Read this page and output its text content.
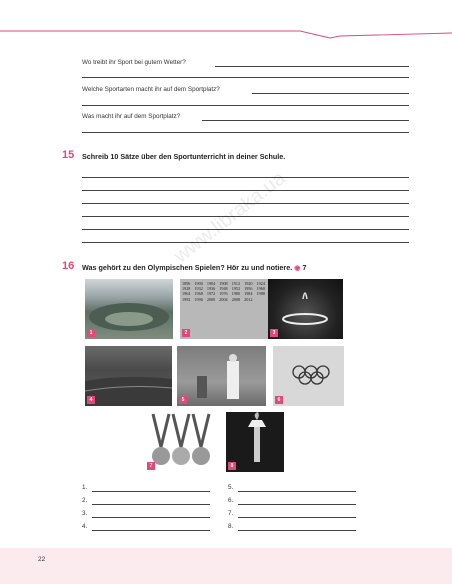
Wo treibt ihr Sport bei gutem Wetter?
Welche Sportarten macht ihr auf dem Sportplatz?
Was macht ihr auf dem Sportplatz?
15 Schreib 10 Sätze über den Sportunterricht in deiner Schule.
16 Was gehört zu den Olympischen Spielen? Hör zu und notiere. ◉ 7
1
1896 1900 1904 1908 1912 1920 1924 1928 1932 1936 1948 1952 1956 1960 1964 1968 1972 1976 1980 1984 1988 1992 1996 2000 2004 2008 2012
2	3
4	5	6
7	8
1.
2.
3.
4.
5.
6.
7.
8.
www.libraka.ua
22
